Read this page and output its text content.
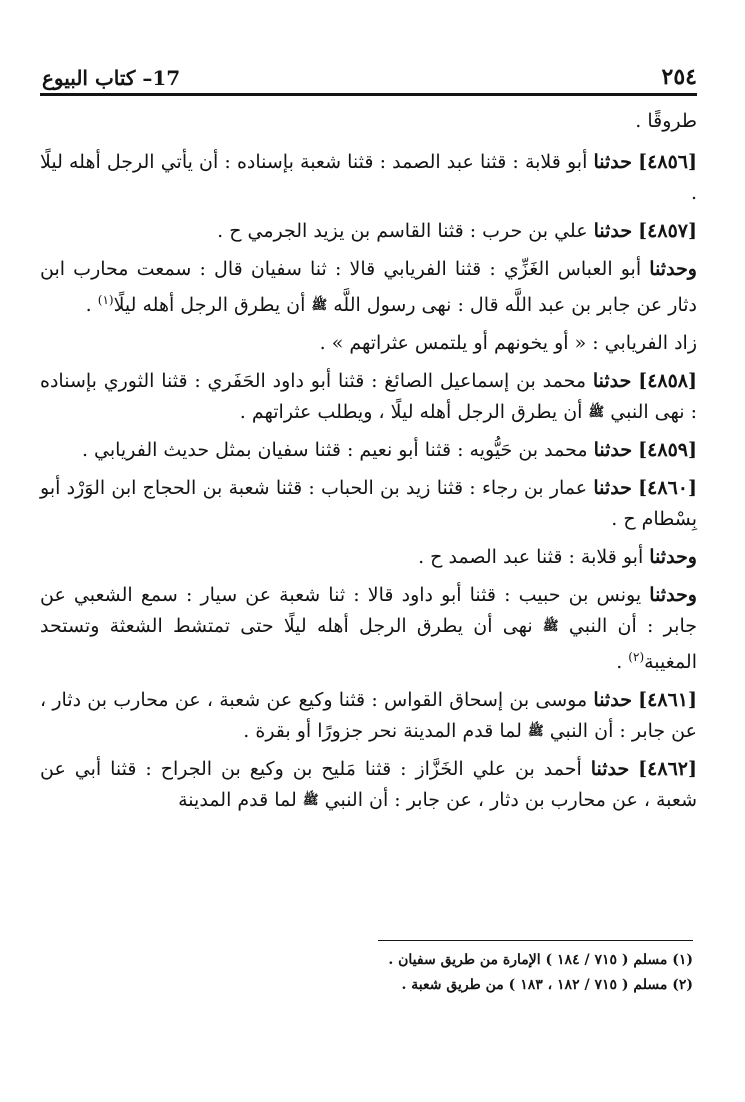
٢٥٤
17– كتاب البيوع

طروقًا .

[٤٨٥٦] حدثنا أبو قلابة : قثنا عبد الصمد : قثنا شعبة بإسناده : أن يأتي الرجل أهله ليلًا .

[٤٨٥٧] حدثنا علي بن حرب : قثنا القاسم بن يزيد الجرمي ح .

وحدثنا أبو العباس الغَزِّي : قثنا الفريابي قالا : ثنا سفيان قال : سمعت محارب ابن دثار عن جابر بن عبد اللَّه قال : نهى رسول اللَّه ﷺ أن يطرق الرجل أهله ليلًا$^{(١)}$ .

زاد الفريابي : « أو يخونهم أو يلتمس عثراتهم » .

[٤٨٥٨] حدثنا محمد بن إسماعيل الصائغ : قثنا أبو داود الحَفَري : قثنا الثوري بإسناده : نهى النبي ﷺ أن يطرق الرجل أهله ليلًا ، ويطلب عثراتهم .

[٤٨٥٩] حدثنا محمد بن حَيُّويه : قثنا أبو نعيم : قثنا سفيان بمثل حديث الفريابي .

[٤٨٦٠] حدثنا عمار بن رجاء : قثنا زيد بن الحباب : قثنا شعبة بن الحجاج ابن الوَرْد أبو بِسْطام ح .

وحدثنا أبو قلابة : قثنا عبد الصمد ح .

وحدثنا يونس بن حبيب : قثنا أبو داود قالا : ثنا شعبة عن سيار : سمع الشعبي عن جابر : أن النبي ﷺ نهى أن يطرق الرجل أهله ليلًا حتى تمتشط الشعثة وتستحد المغيبة$^{(٢)}$ .

[٤٨٦١] حدثنا موسى بن إسحاق القواس : قثنا وكيع عن شعبة ، عن محارب بن دثار ، عن جابر : أن النبي ﷺ لما قدم المدينة نحر جزورًا أو بقرة .

[٤٨٦٢] حدثنا أحمد بن علي الخَزَّاز : قثنا مَليح بن وكيع بن الجراح : قثنا أبي عن شعبة ، عن محارب بن دثار ، عن جابر : أن النبي ﷺ لما قدم المدينة

(١) مسلم ( ٧١٥ / ١٨٤ ) الإمارة من طريق سفيان .

(٢) مسلم ( ٧١٥ / ١٨٢ ، ١٨٣ ) من طريق شعبة .
